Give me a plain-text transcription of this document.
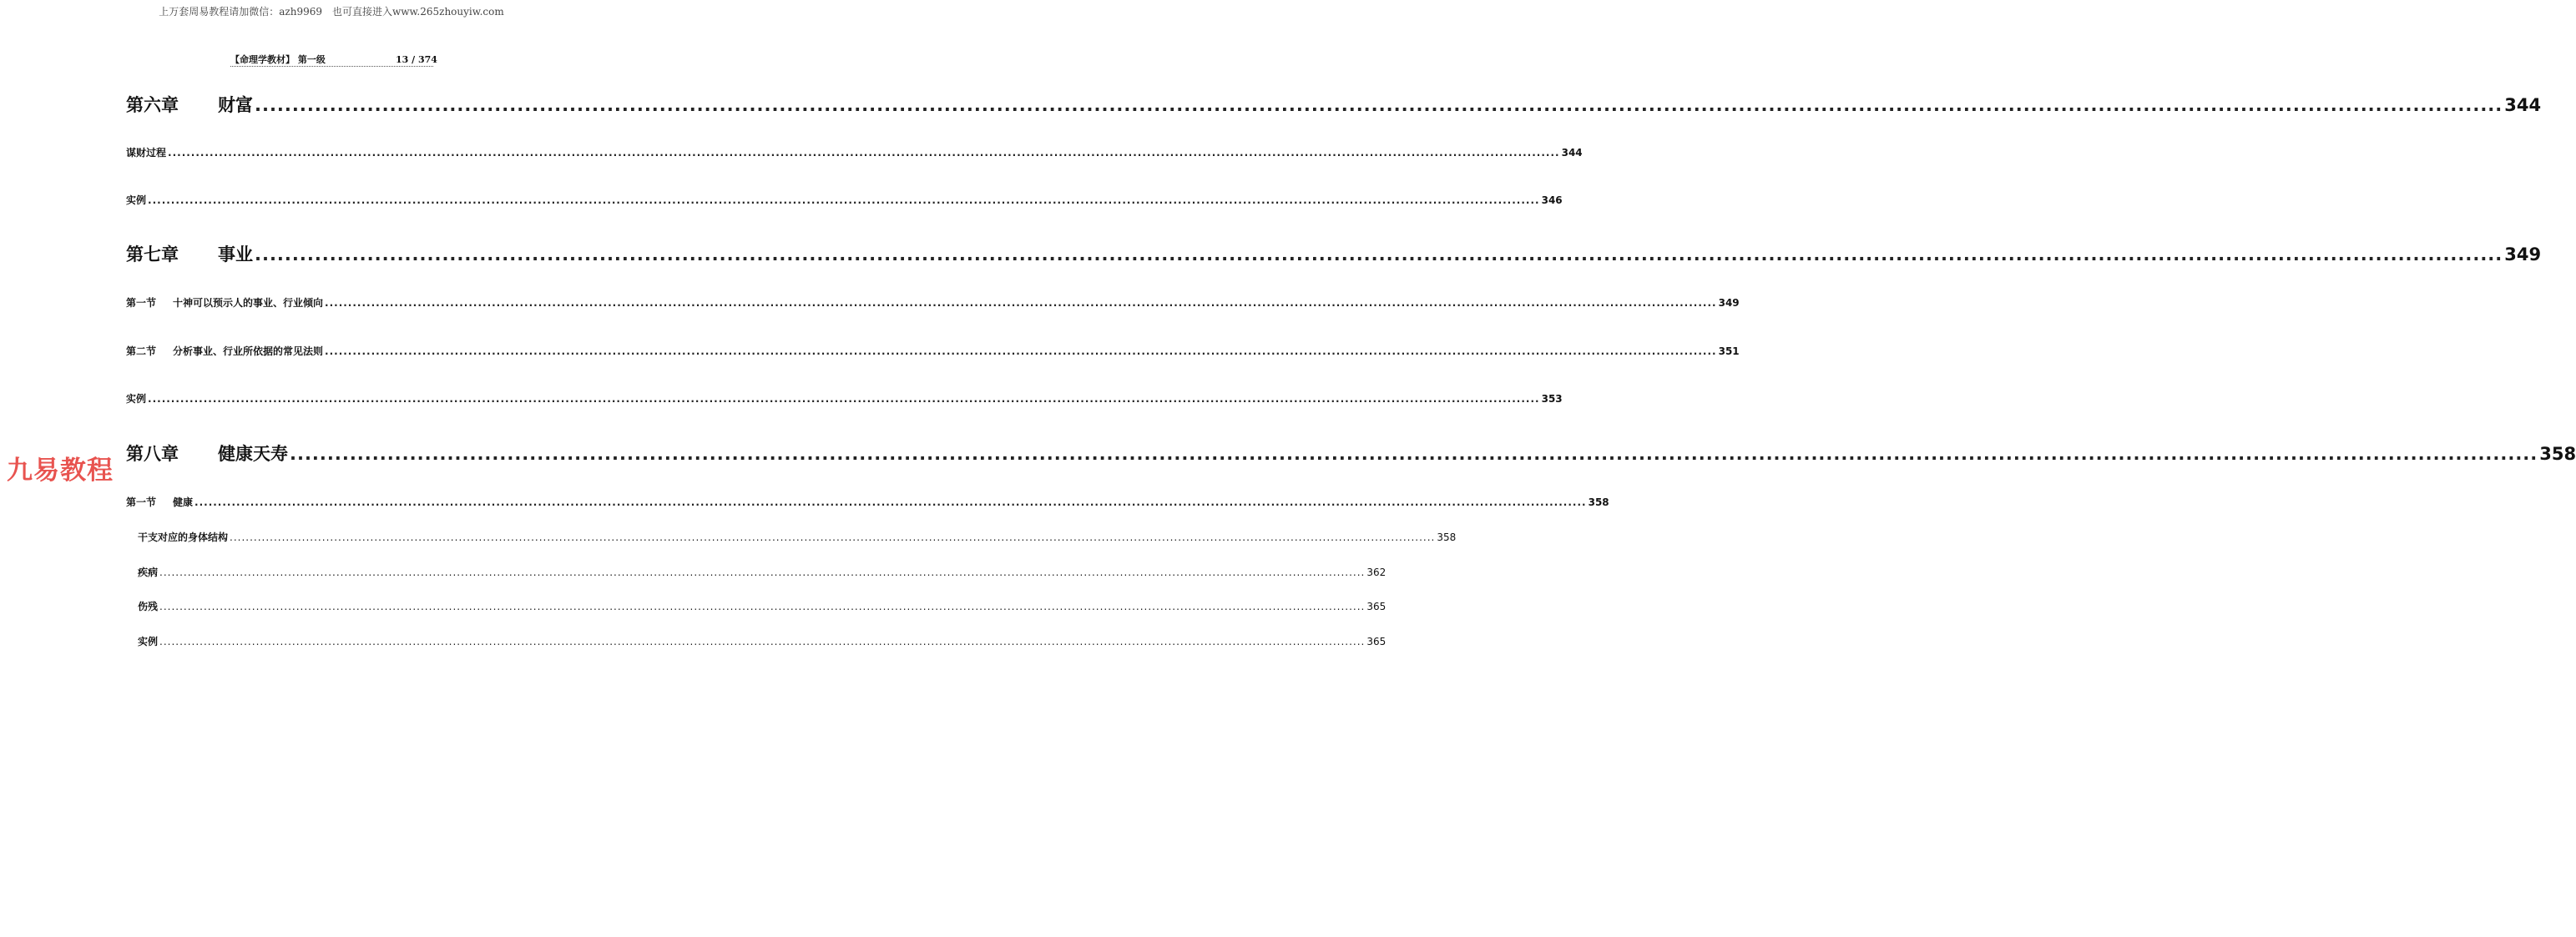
上万套周易教程请加微信：azh9969　也可直接进入www.265zhouyiw.com
【命理学教材】 第一级	13 / 374
第六章	财富 ............................................................................................................................................................................................................................................................................................................ 344
谋财过程 ............................................................................................................................................................................................................................................................................................................ 344
实例 ............................................................................................................................................................................................................................................................................................................ 346
第七章	事业 ............................................................................................................................................................................................................................................................................................................ 349
第一节	十神可以预示人的事业、行业倾向 ............................................................................................................................................................................................................................................................................................................ 349
第二节	分析事业、行业所依据的常见法则 ............................................................................................................................................................................................................................................................................................................ 351
实例 ............................................................................................................................................................................................................................................................................................................ 353
第八章	健康天寿 ............................................................................................................................................................................................................................................................................................................ 358
第一节	健康 ............................................................................................................................................................................................................................................................................................................ 358
干支对应的身体结构 ............................................................................................................................................................................................................................................................................................................ 358
疾病 ............................................................................................................................................................................................................................................................................................................ 362
伤残 ............................................................................................................................................................................................................................................................................................................ 365
实例 ............................................................................................................................................................................................................................................................................................................ 365
九易教程
